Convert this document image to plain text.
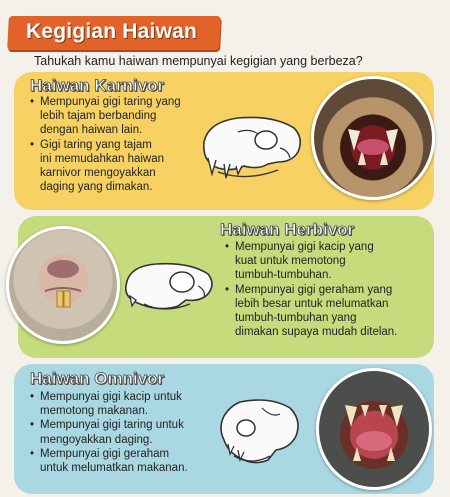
Kegigian Haiwan
Tahukah kamu haiwan mempunyai kegigian yang berbeza?
Haiwan Karnivor
• Mempunyai gigi taring yang
lebih tajam berbanding
dengan haiwan lain.
• Gigi taring yang tajam
ini memudahkan haiwan
karnivor mengoyakkan
daging yang dimakan.
Haiwan Herbivor
• Mempunyai gigi kacip yang
kuat untuk memotong
tumbuh-tumbuhan.
• Mempunyai gigi geraham yang
lebih besar untuk melumatkan
tumbuh-tumbuhan yang
dimakan supaya mudah ditelan.
Haiwan Omnivor
• Mempunyai gigi kacip untuk
memotong makanan.
• Mempunyai gigi taring untuk
mengoyakkan daging.
• Mempunyai gigi geraham
untuk melumatkan makanan.
